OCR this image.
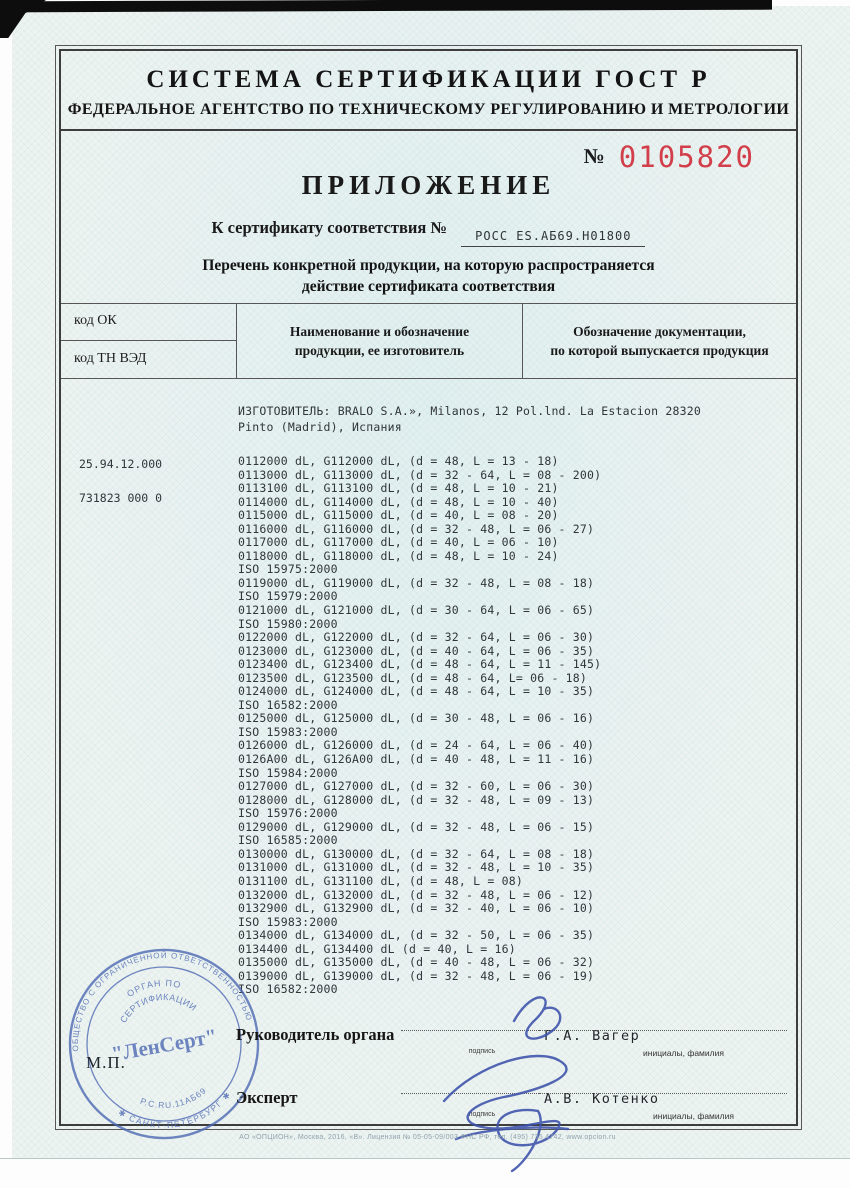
СИСТЕМА СЕРТИФИКАЦИИ ГОСТ Р
ФЕДЕРАЛЬНОЕ АГЕНТСТВО ПО ТЕХНИЧЕСКОМУ РЕГУЛИРОВАНИЮ И МЕТРОЛОГИИ
№ 0105820
ПРИЛОЖЕНИЕ
К сертификату соответствия №	РОСС ES.АБ69.Н01800
Перечень конкретной продукции, на которую распространяется
действие сертификата соответствия
код ОК
код ТН ВЭД
Наименование и обозначение
продукции, ее изготовитель
Обозначение документации,
по которой выпускается продукция
ИЗГОТОВИТЕЛЬ: BRALO S.A.», Milanos, 12 Pol.lnd. La Estacion 28320
Pinto (Madrid), Испания
25.94.12.000
731823 000 0
0112000 dL, G112000 dL, (d = 48, L = 13 - 18)
0113000 dL, G113000 dL, (d = 32 - 64, L = 08 - 200)
0113100 dL, G113100 dL, (d = 48, L = 10 - 21)
0114000 dL, G114000 dL, (d = 48, L = 10 - 40)
0115000 dL, G115000 dL, (d = 40, L = 08 - 20)
0116000 dL, G116000 dL, (d = 32 - 48, L = 06 - 27)
0117000 dL, G117000 dL, (d = 40, L = 06 - 10)
0118000 dL, G118000 dL, (d = 48, L = 10 - 24)
ISO 15975:2000
0119000 dL, G119000 dL, (d = 32 - 48, L = 08 - 18)
ISO 15979:2000
0121000 dL, G121000 dL, (d = 30 - 64, L = 06 - 65)
ISO 15980:2000
0122000 dL, G122000 dL, (d = 32 - 64, L = 06 - 30)
0123000 dL, G123000 dL, (d = 40 - 64, L = 06 - 35)
0123400 dL, G123400 dL, (d = 48 - 64, L = 11 - 145)
0123500 dL, G123500 dL, (d = 48 - 64, L= 06 - 18)
0124000 dL, G124000 dL, (d = 48 - 64, L = 10 - 35)
ISO 16582:2000
0125000 dL, G125000 dL, (d = 30 - 48, L = 06 - 16)
ISO 15983:2000
0126000 dL, G126000 dL, (d = 24 - 64, L = 06 - 40)
0126A00 dL, G126A00 dL, (d = 40 - 48, L = 11 - 16)
ISO 15984:2000
0127000 dL, G127000 dL, (d = 32 - 60, L = 06 - 30)
0128000 dL, G128000 dL, (d = 32 - 48, L = 09 - 13)
ISO 15976:2000
0129000 dL, G129000 dL, (d = 32 - 48, L = 06 - 15)
ISO 16585:2000
0130000 dL, G130000 dL, (d = 32 - 64, L = 08 - 18)
0131000 dL, G131000 dL, (d = 32 - 48, L = 10 - 35)
0131100 dL, G131100 dL, (d = 48, L = 08)
0132000 dL, G132000 dL, (d = 32 - 48, L = 06 - 12)
0132900 dL, G132900 dL, (d = 32 - 40, L = 06 - 10)
ISO 15983:2000
0134000 dL, G134000 dL, (d = 32 - 50, L = 06 - 35)
0134400 dL, G134400 dL (d = 40, L = 16)
0135000 dL, G135000 dL, (d = 40 - 48, L = 06 - 32)
0139000 dL, G139000 dL, (d = 32 - 48, L = 06 - 19)
ISO 16582:2000
ОБЩЕСТВО С ОГРАНИЧЕННОЙ ОТВЕТСТВЕННОСТЬЮ
✱ САНКТ-ПЕТЕРБУРГ ✱
ОРГАН ПО
СЕРТИФИКАЦИИ
"ЛенСерт"
Р.С.RU.11АБ69
М.П.
Руководитель органа
подпись
Г.А. Вагер
инициалы, фамилия
Эксперт
подпись
А.В. Котенко
инициалы, фамилия
АО «ОПЦИОН», Москва, 2016, «В». Лицензия № 05-05-09/003 ФНС РФ, тел. (495) 735 4742, www.opcion.ru
